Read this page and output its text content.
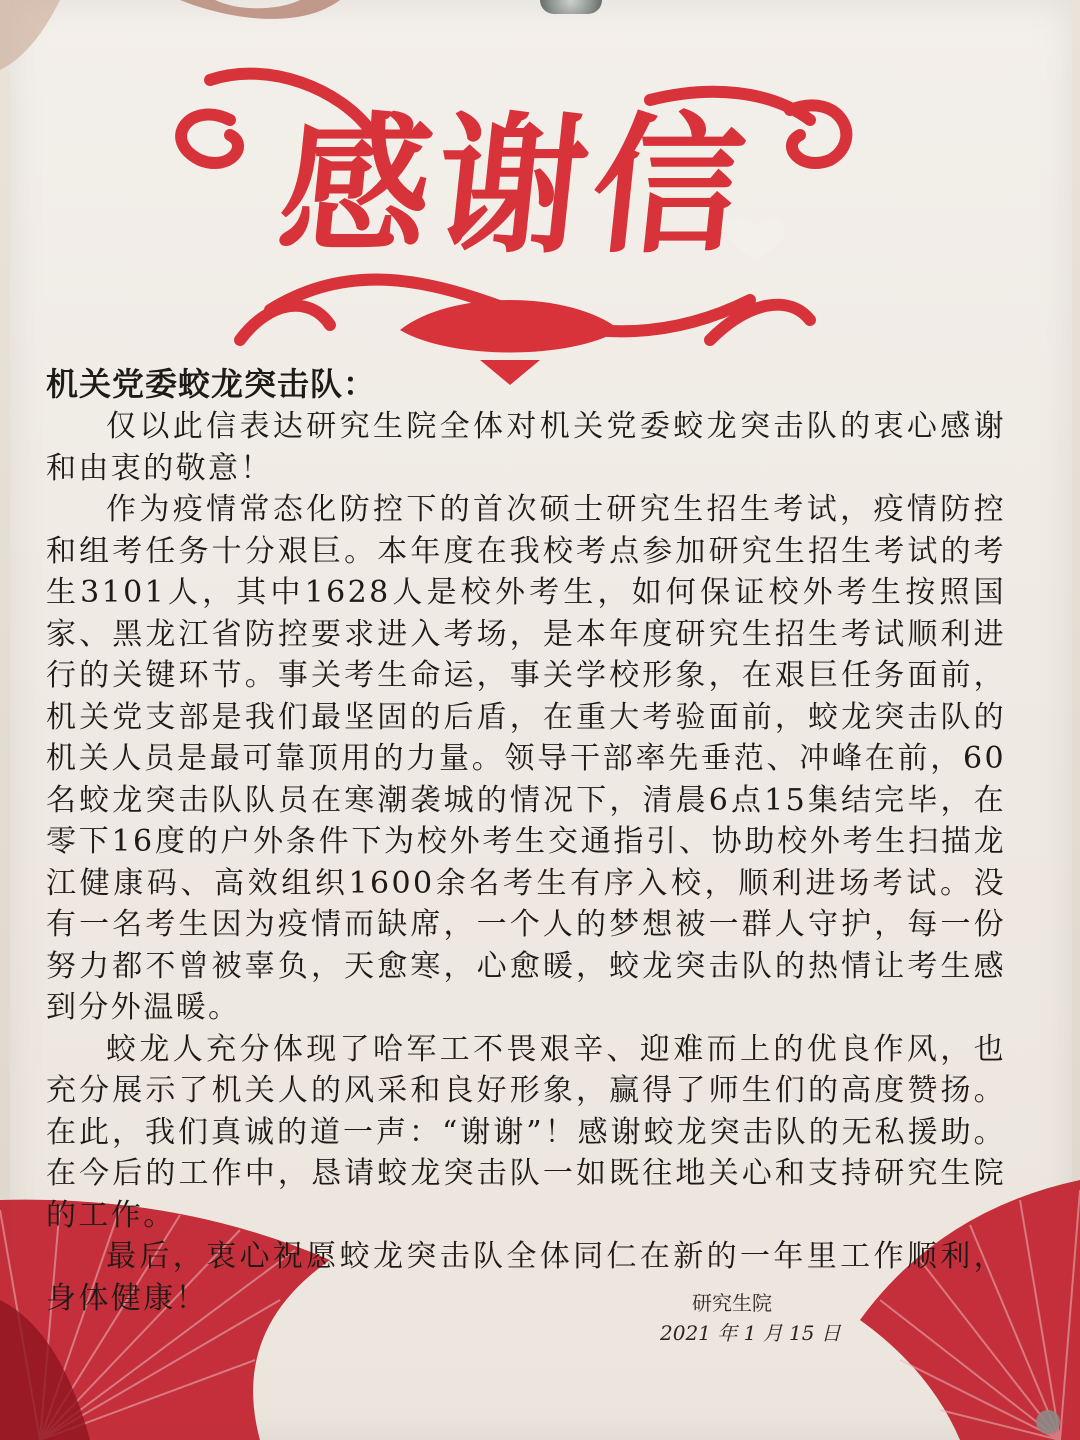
感谢信

机关党委蛟龙突击队：

仅以此信表达研究生院全体对机关党委蛟龙突击队的衷心感谢和由衷的敬意！

作为疫情常态化防控下的首次硕士研究生招生考试，疫情防控和组考任务十分艰巨。本年度在我校考点参加研究生招生考试的考生3101人，其中1628人是校外考生，如何保证校外考生按照国家、黑龙江省防控要求进入考场，是本年度研究生招生考试顺利进行的关键环节。事关考生命运，事关学校形象，在艰巨任务面前，机关党支部是我们最坚固的后盾，在重大考验面前，蛟龙突击队的机关人员是最可靠顶用的力量。领导干部率先垂范、冲峰在前，60名蛟龙突击队队员在寒潮袭城的情况下，清晨6点15集结完毕，在零下16度的户外条件下为校外考生交通指引、协助校外考生扫描龙江健康码、高效组织1600余名考生有序入校，顺利进场考试。没有一名考生因为疫情而缺席，一个人的梦想被一群人守护，每一份努力都不曾被辜负，天愈寒，心愈暖，蛟龙突击队的热情让考生感到分外温暖。

蛟龙人充分体现了哈军工不畏艰辛、迎难而上的优良作风，也充分展示了机关人的风采和良好形象，赢得了师生们的高度赞扬。在此，我们真诚的道一声：“谢谢”！感谢蛟龙突击队的无私援助。在今后的工作中，恳请蛟龙突击队一如既往地关心和支持研究生院的工作。

最后，衷心祝愿蛟龙突击队全体同仁在新的一年里工作顺利，身体健康！	研究生院
2021 年 1 月 15 日
